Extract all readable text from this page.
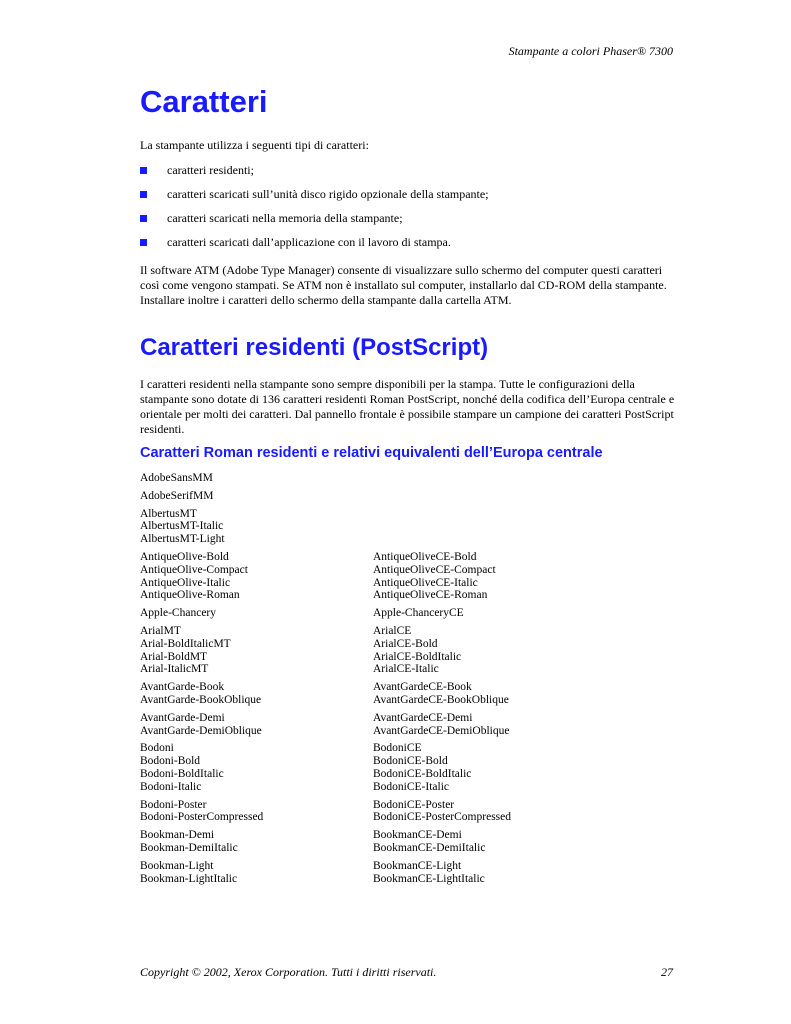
Stampante a colori Phaser® 7300
Caratteri

La stampante utilizza i seguenti tipi di caratteri:

caratteri residenti;
caratteri scaricati sull’unità disco rigido opzionale della stampante;
caratteri scaricati nella memoria della stampante;
caratteri scaricati dall’applicazione con il lavoro di stampa.

Il software ATM (Adobe Type Manager) consente di visualizzare sullo schermo del computer questi caratteri così come vengono stampati. Se ATM non è installato sul computer, installarlo dal CD-ROM della stampante. Installare inoltre i caratteri dello schermo della stampante dalla cartella ATM.

Caratteri residenti (PostScript)

I caratteri residenti nella stampante sono sempre disponibili per la stampa. Tutte le configurazioni della stampante sono dotate di 136 caratteri residenti Roman PostScript, nonché della codifica dell’Europa centrale e orientale per molti dei caratteri. Dal pannello frontale è possibile stampare un campione dei caratteri PostScript residenti.

Caratteri Roman residenti e relativi equivalenti dell’Europa centrale
AdobeSansMM
AdobeSerifMM
AlbertusMT
AlbertusMT-Italic
AlbertusMT-Light
AntiqueOlive-Bold
AntiqueOlive-Compact
AntiqueOlive-Italic
AntiqueOlive-Roman
AntiqueOliveCE-Bold
AntiqueOliveCE-Compact
AntiqueOliveCE-Italic
AntiqueOliveCE-Roman
Apple-Chancery	Apple-ChanceryCE
ArialMT
Arial-BoldItalicMT
Arial-BoldMT
Arial-ItalicMT
ArialCE
ArialCE-Bold
ArialCE-BoldItalic
ArialCE-Italic
AvantGarde-Book
AvantGarde-BookOblique
AvantGardeCE-Book
AvantGardeCE-BookOblique
AvantGarde-Demi
AvantGarde-DemiOblique
AvantGardeCE-Demi
AvantGardeCE-DemiOblique
Bodoni
Bodoni-Bold
Bodoni-BoldItalic
Bodoni-Italic
BodoniCE
BodoniCE-Bold
BodoniCE-BoldItalic
BodoniCE-Italic
Bodoni-Poster
Bodoni-PosterCompressed
BodoniCE-Poster
BodoniCE-PosterCompressed
Bookman-Demi
Bookman-DemiItalic
BookmanCE-Demi
BookmanCE-DemiItalic
Bookman-Light
Bookman-LightItalic
BookmanCE-Light
BookmanCE-LightItalic
Copyright © 2002, Xerox Corporation. Tutti i diritti riservati.	27
